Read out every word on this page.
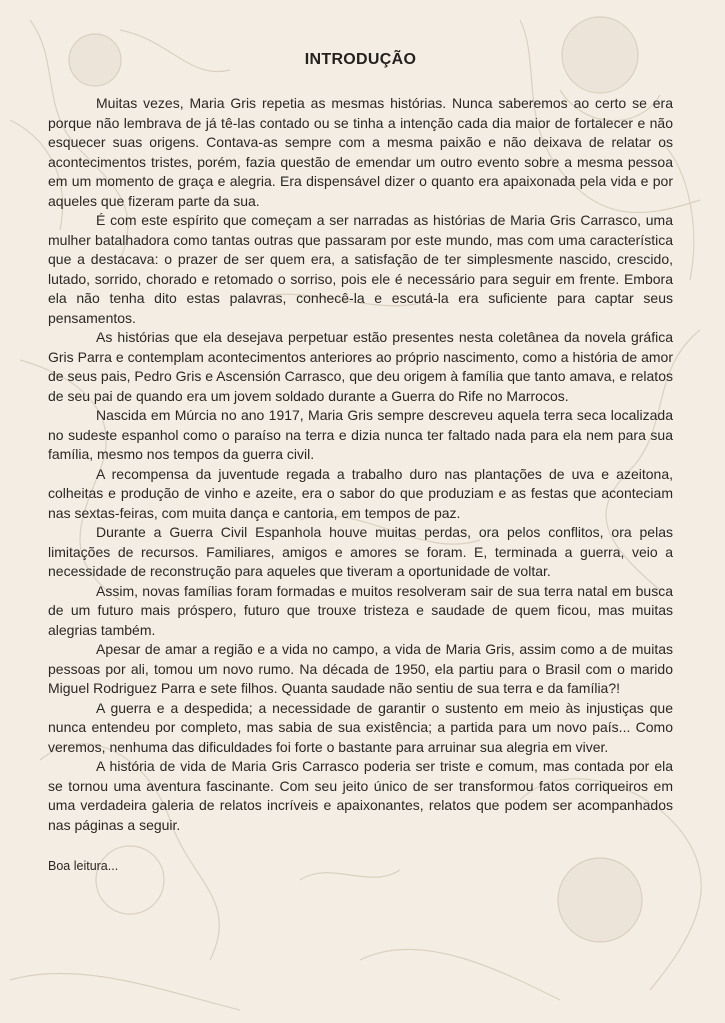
INTRODUÇÃO

Muitas vezes, Maria Gris repetia as mesmas histórias. Nunca saberemos ao certo se era porque não lembrava de já tê-las contado ou se tinha a intenção cada dia maior de fortalecer e não esquecer suas origens. Contava-as sempre com a mesma paixão e não deixava de relatar os acontecimentos tristes, porém, fazia questão de emendar um outro evento sobre a mesma pessoa em um momento de graça e alegria. Era dispensável dizer o quanto era apaixonada pela vida e por aqueles que fizeram parte da sua.

É com este espírito que começam a ser narradas as histórias de Maria Gris Carrasco, uma mulher batalhadora como tantas outras que passaram por este mundo, mas com uma característica que a destacava: o prazer de ser quem era, a satisfação de ter simplesmente nascido, crescido, lutado, sorrido, chorado e retomado o sorriso, pois ele é necessário para seguir em frente. Embora ela não tenha dito estas palavras, conhecê-la e escutá-la era suficiente para captar seus pensamentos.

As histórias que ela desejava perpetuar estão presentes nesta coletânea da novela gráfica Gris Parra e contemplam acontecimentos anteriores ao próprio nascimento, como a história de amor de seus pais, Pedro Gris e Ascensión Carrasco, que deu origem à família que tanto amava, e relatos de seu pai de quando era um jovem soldado durante a Guerra do Rife no Marrocos.

Nascida em Múrcia no ano 1917, Maria Gris sempre descreveu aquela terra seca localizada no sudeste espanhol como o paraíso na terra e dizia nunca ter faltado nada para ela nem para sua família, mesmo nos tempos da guerra civil.

A recompensa da juventude regada a trabalho duro nas plantações de uva e azeitona, colheitas e produção de vinho e azeite, era o sabor do que produziam e as festas que aconteciam nas sextas-feiras, com muita dança e cantoria, em tempos de paz.

Durante a Guerra Civil Espanhola houve muitas perdas, ora pelos conflitos, ora pelas limitações de recursos. Familiares, amigos e amores se foram. E, terminada a guerra, veio a necessidade de reconstrução para aqueles que tiveram a oportunidade de voltar.

Assim, novas famílias foram formadas e muitos resolveram sair de sua terra natal em busca de um futuro mais próspero, futuro que trouxe tristeza e saudade de quem ficou, mas muitas alegrias também.

Apesar de amar a região e a vida no campo, a vida de Maria Gris, assim como a de muitas pessoas por ali, tomou um novo rumo. Na década de 1950, ela partiu para o Brasil com o marido Miguel Rodriguez Parra e sete filhos. Quanta saudade não sentiu de sua terra e da família?!

A guerra e a despedida; a necessidade de garantir o sustento em meio às injustiças que nunca entendeu por completo, mas sabia de sua existência; a partida para um novo país... Como veremos, nenhuma das dificuldades foi forte o bastante para arruinar sua alegria em viver.

A história de vida de Maria Gris Carrasco poderia ser triste e comum, mas contada por ela se tornou uma aventura fascinante. Com seu jeito único de ser transformou fatos corriqueiros em uma verdadeira galeria de relatos incríveis e apaixonantes, relatos que podem ser acompanhados nas páginas a seguir.

Boa leitura...
